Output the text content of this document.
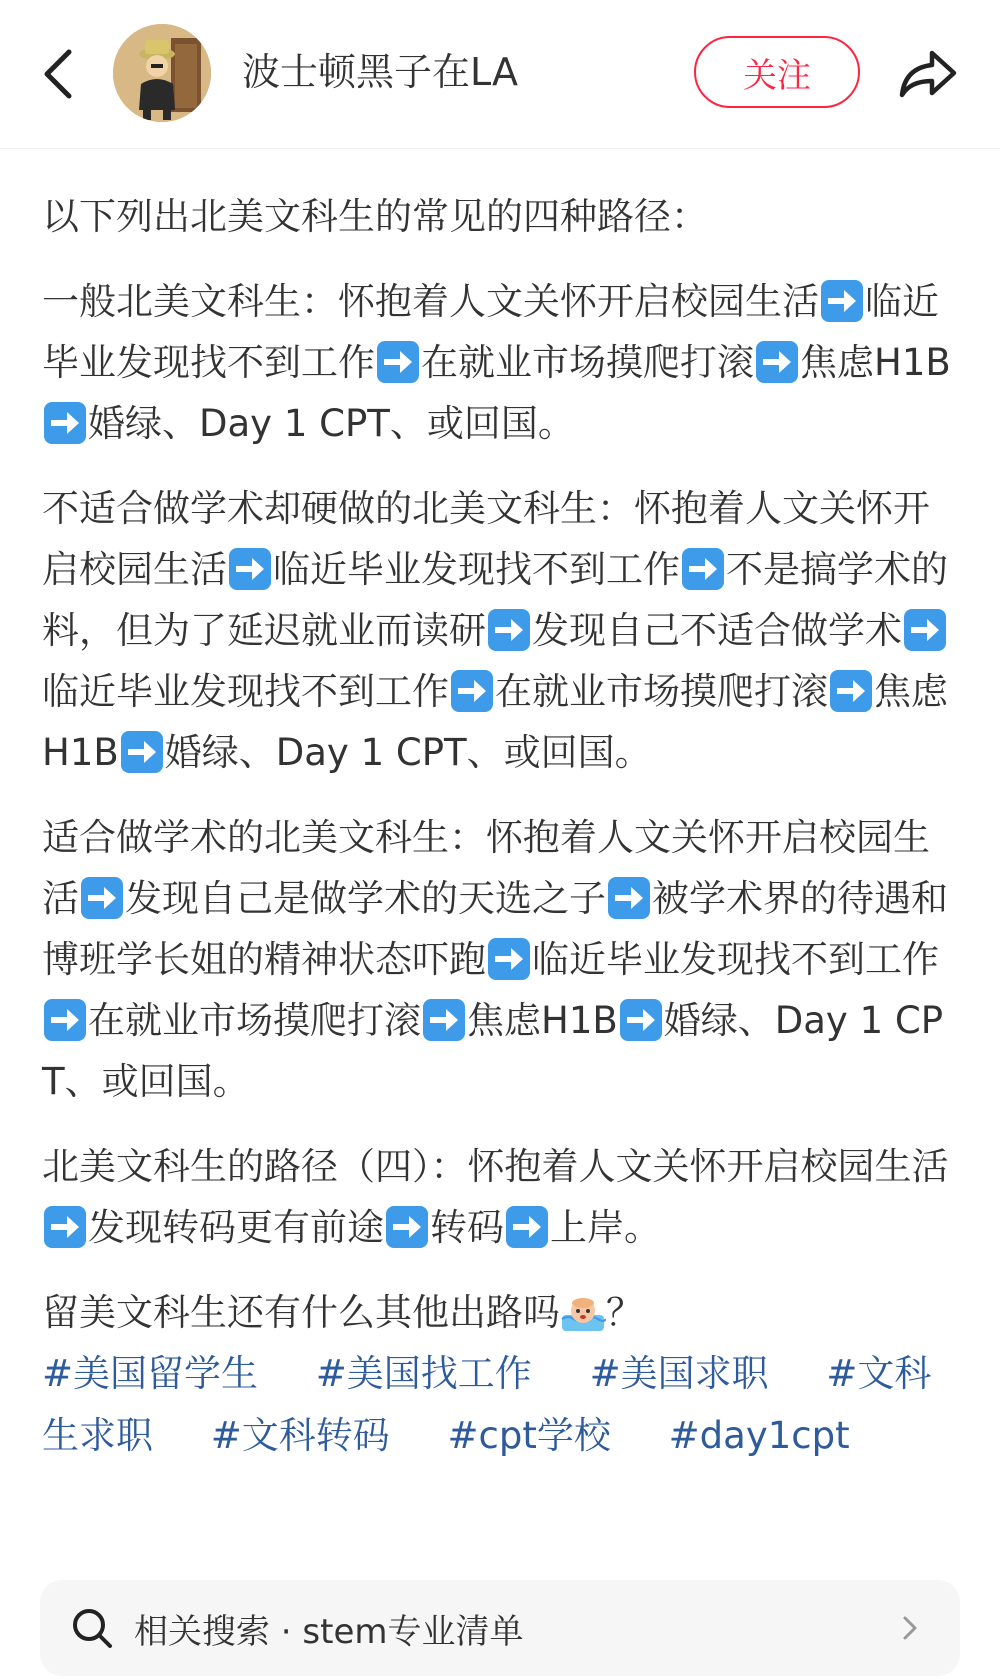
波士顿黑子在LA	关注

以下列出北美文科生的常见的四种路径：

一般北美文科生：怀抱着人文关怀开启校园生活 临近毕业发现找不到工作 在就业市场摸爬打滚 焦虑H1B婚绿、Day 1 CPT、或回国。

不适合做学术却硬做的北美文科生：怀抱着人文关怀开启校园生活 临近毕业发现找不到工作 不是搞学术的料，但为了延迟就业而读研 发现自己不适合做学术临近毕业发现找不到工作 在就业市场摸爬打滚 焦虑H1B 婚绿、Day 1 CPT、或回国。

适合做学术的北美文科生：怀抱着人文关怀开启校园生活 发现自己是做学术的天选之子 被学术界的待遇和博班学长姐的精神状态吓跑 临近毕业发现找不到工作在就业市场摸爬打滚 焦虑H1B 婚绿、Day 1 CPT、或回国。

北美文科生的路径（四）：怀抱着人文关怀开启校园生活发现转码更有前途 转码 上岸。

留美文科生还有什么其他出路吗 ？
#美国留学生 #美国找工作 #美国求职 #文科生求职 #文科转码 #cpt学校 #day1cpt
相关搜索 · stem专业清单
